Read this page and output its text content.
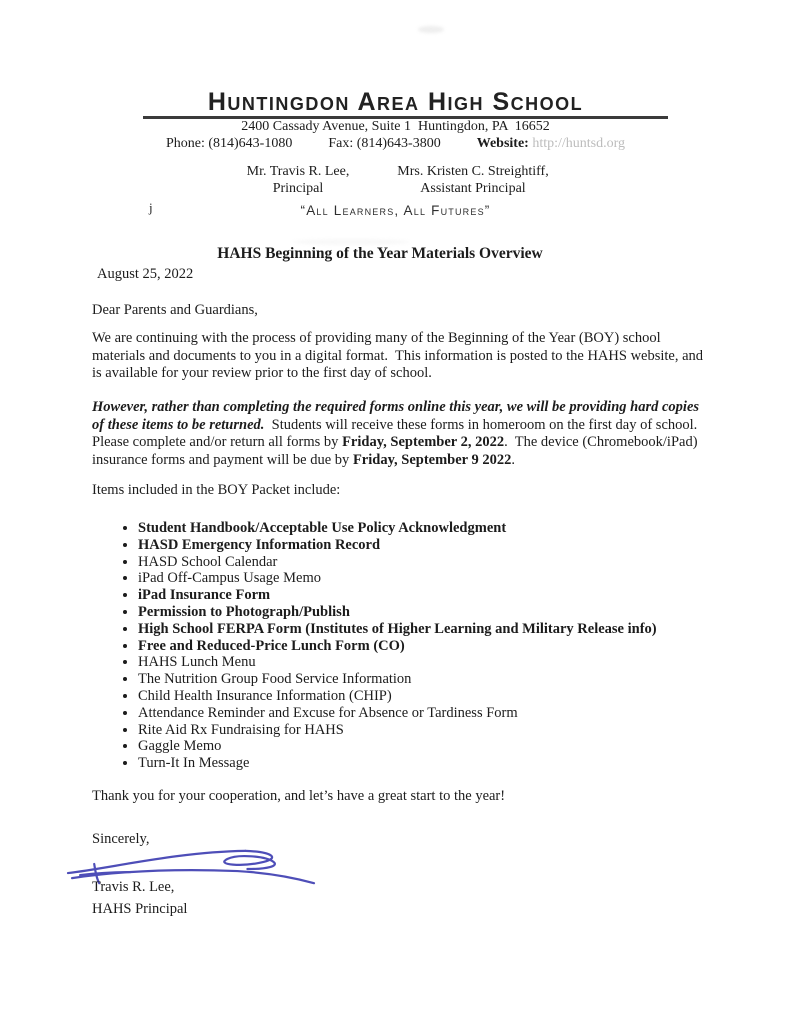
Huntingdon Area High School
2400 Cassady Avenue, Suite 1  Huntingdon, PA  16652
Phone: (814)643-1080	Fax: (814)643-3800	Website: http://huntsd.org
Mr. Travis R. Lee,
Principal
Mrs. Kristen C. Streightiff,
Assistant Principal
j	“All Learners, All Futures”
HAHS Beginning of the Year Materials Overview
August 25, 2022
Dear Parents and Guardians,

We are continuing with the process of providing many of the Beginning of the Year (BOY) school materials and documents to you in a digital format.  This information is posted to the HAHS website, and is available for your review prior to the first day of school.

However, rather than completing the required forms online this year, we will be providing hard copies of these items to be returned.  Students will receive these forms in homeroom on the first day of school. Please complete and/or return all forms by Friday, September 2, 2022.  The device (Chromebook/iPad) insurance forms and payment will be due by Friday, September 9 2022.

Items included in the BOY Packet include:
• Student Handbook/Acceptable Use Policy Acknowledgment
• HASD Emergency Information Record
• HASD School Calendar
• iPad Off-Campus Usage Memo
• iPad Insurance Form
• Permission to Photograph/Publish
• High School FERPA Form (Institutes of Higher Learning and Military Release info)
• Free and Reduced-Price Lunch Form (CO)
• HAHS Lunch Menu
• The Nutrition Group Food Service Information
• Child Health Insurance Information (CHIP)
• Attendance Reminder and Excuse for Absence or Tardiness Form
• Rite Aid Rx Fundraising for HAHS
• Gaggle Memo
• Turn-It In Message
Thank you for your cooperation, and let’s have a great start to the year!
Sincerely,
Travis R. Lee,
HAHS Principal
